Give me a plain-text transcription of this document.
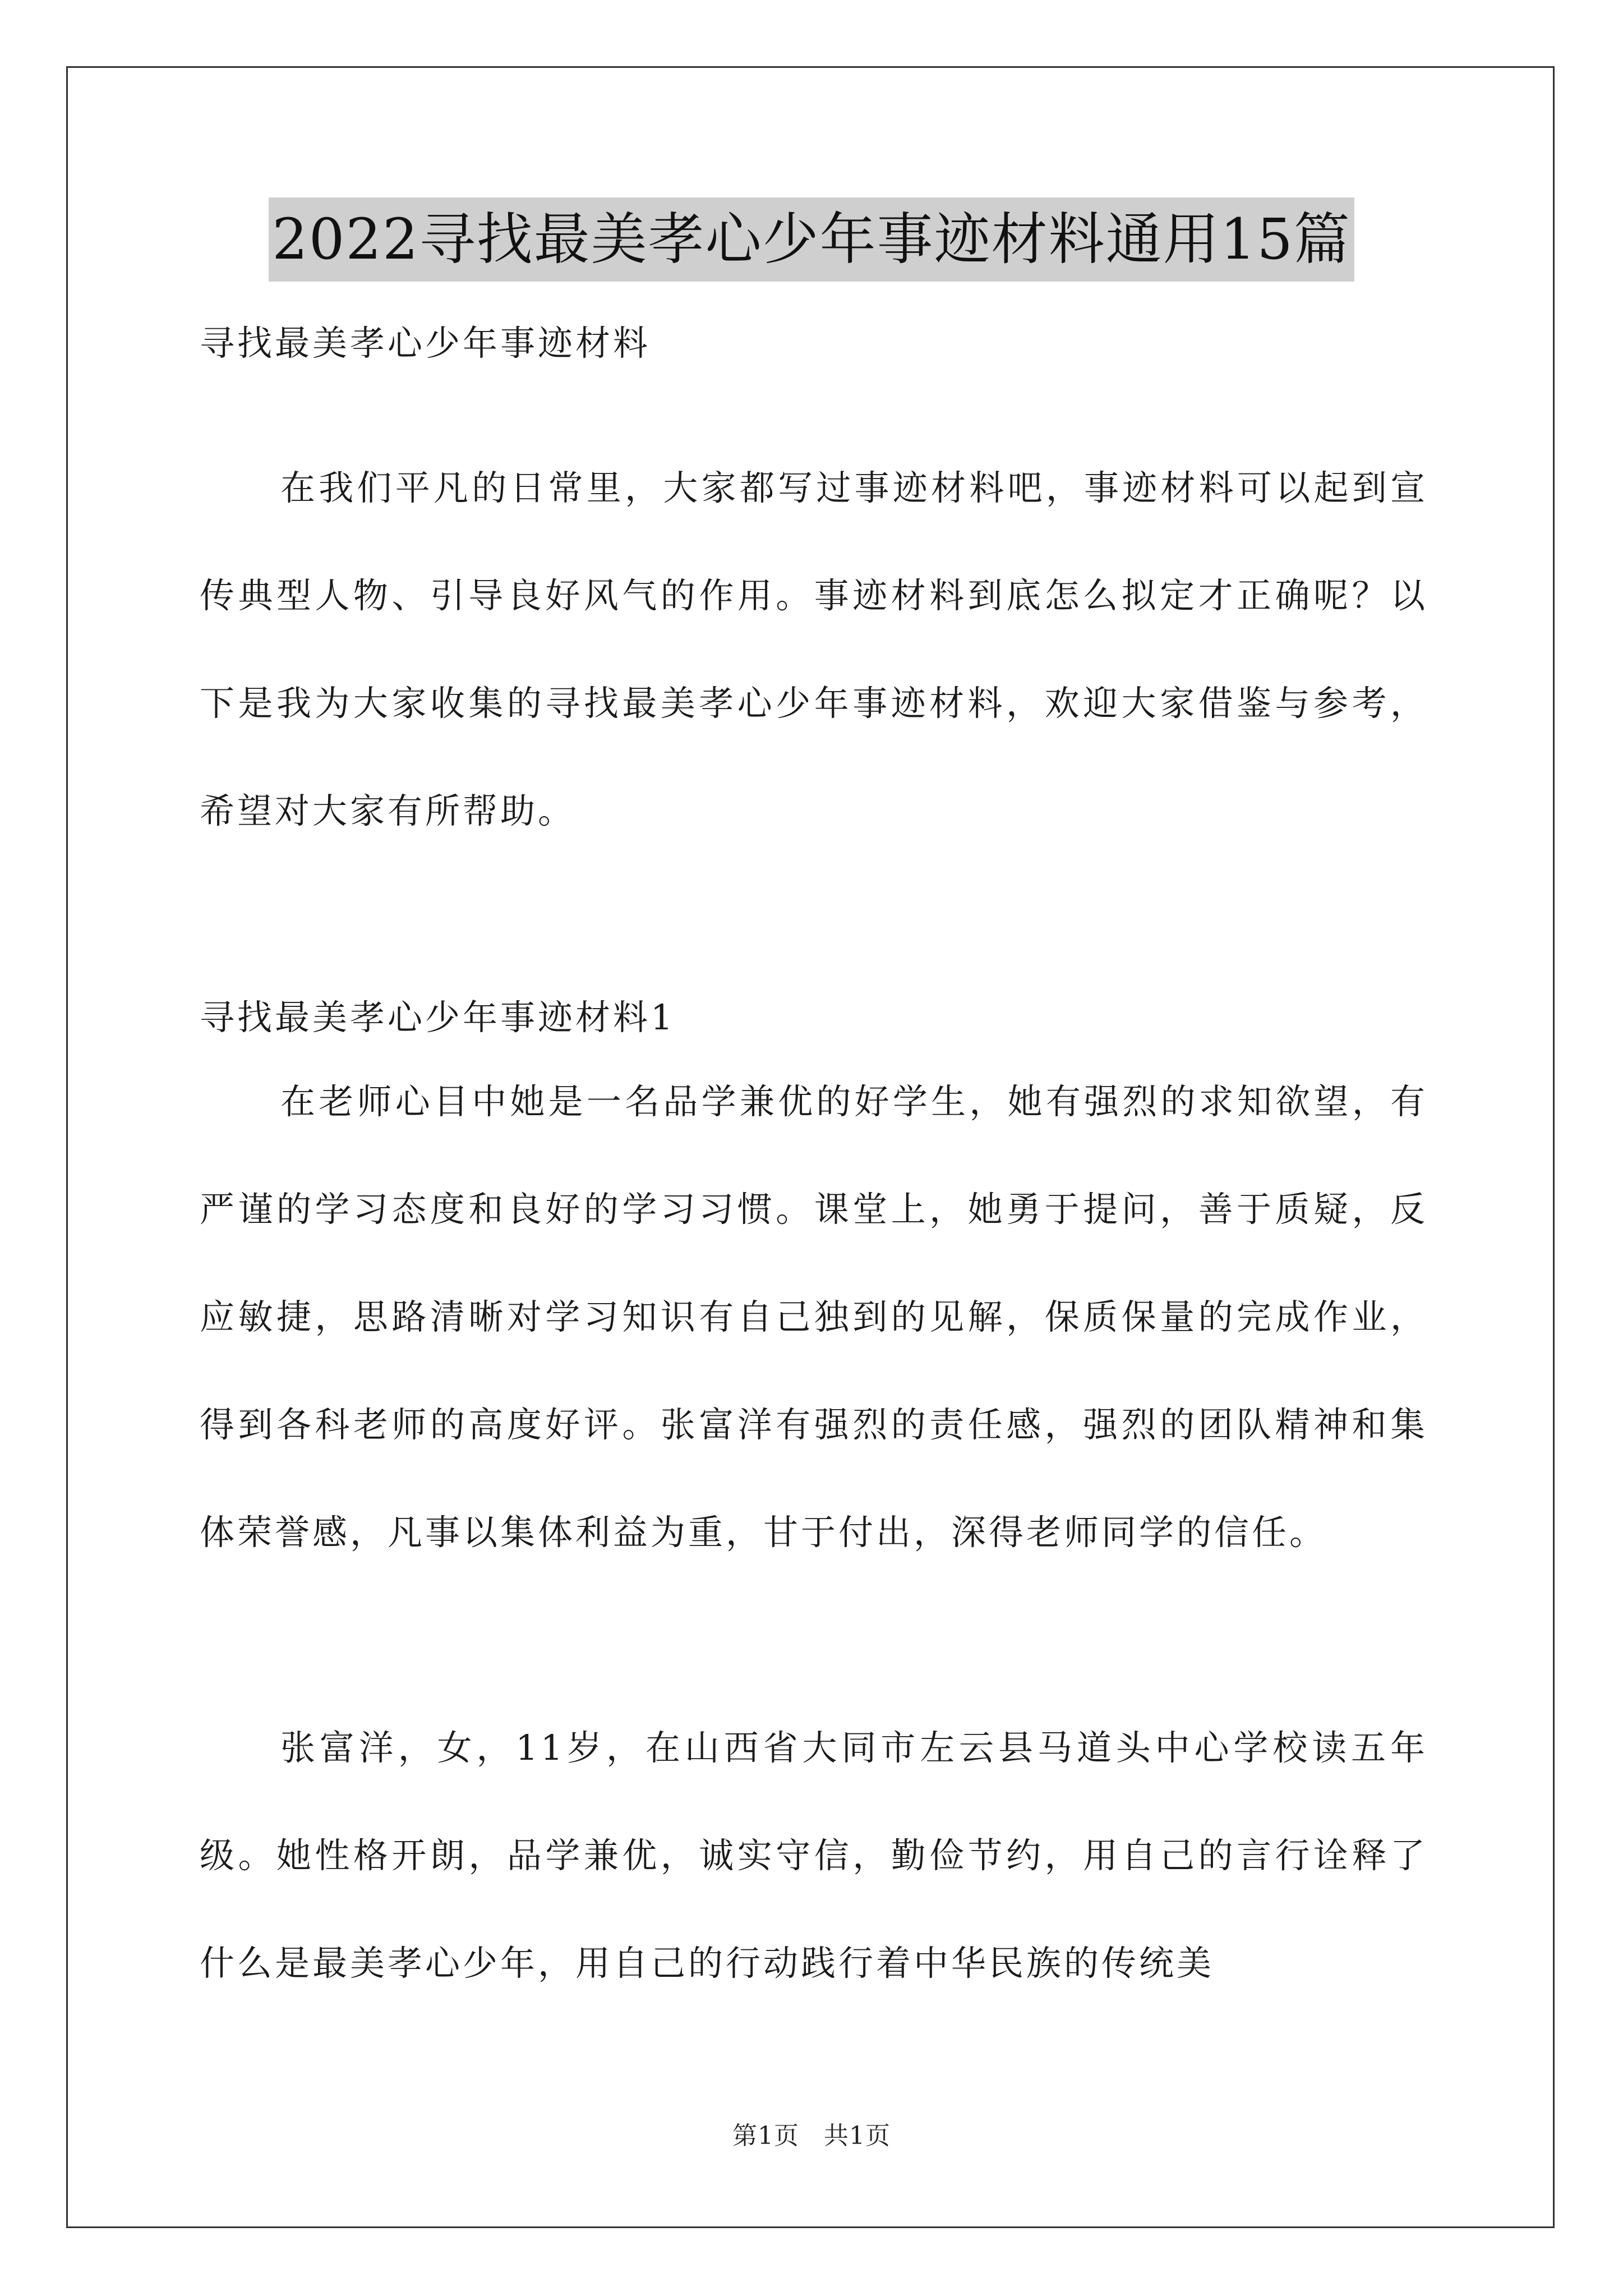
2022寻找最美孝心少年事迹材料通用15篇
寻找最美孝心少年事迹材料

在我们平凡的日常里，大家都写过事迹材料吧，事迹材料可以起到宣传典型人物、引导良好风气的作用。事迹材料到底怎么拟定才正确呢？以下是我为大家收集的寻找最美孝心少年事迹材料，欢迎大家借鉴与参考，希望对大家有所帮助。

寻找最美孝心少年事迹材料1

在老师心目中她是一名品学兼优的好学生，她有强烈的求知欲望，有严谨的学习态度和良好的学习习惯。课堂上，她勇于提问，善于质疑，反应敏捷，思路清晰对学习知识有自己独到的见解，保质保量的完成作业，得到各科老师的高度好评。张富洋有强烈的责任感，强烈的团队精神和集体荣誉感，凡事以集体利益为重，甘于付出，深得老师同学的信任。

张富洋，女，11岁，在山西省大同市左云县马道头中心学校读五年级。她性格开朗，品学兼优，诚实守信，勤俭节约，用自己的言行诠释了什么是最美孝心少年，用自己的行动践行着中华民族的传统美

第1页 共1页
